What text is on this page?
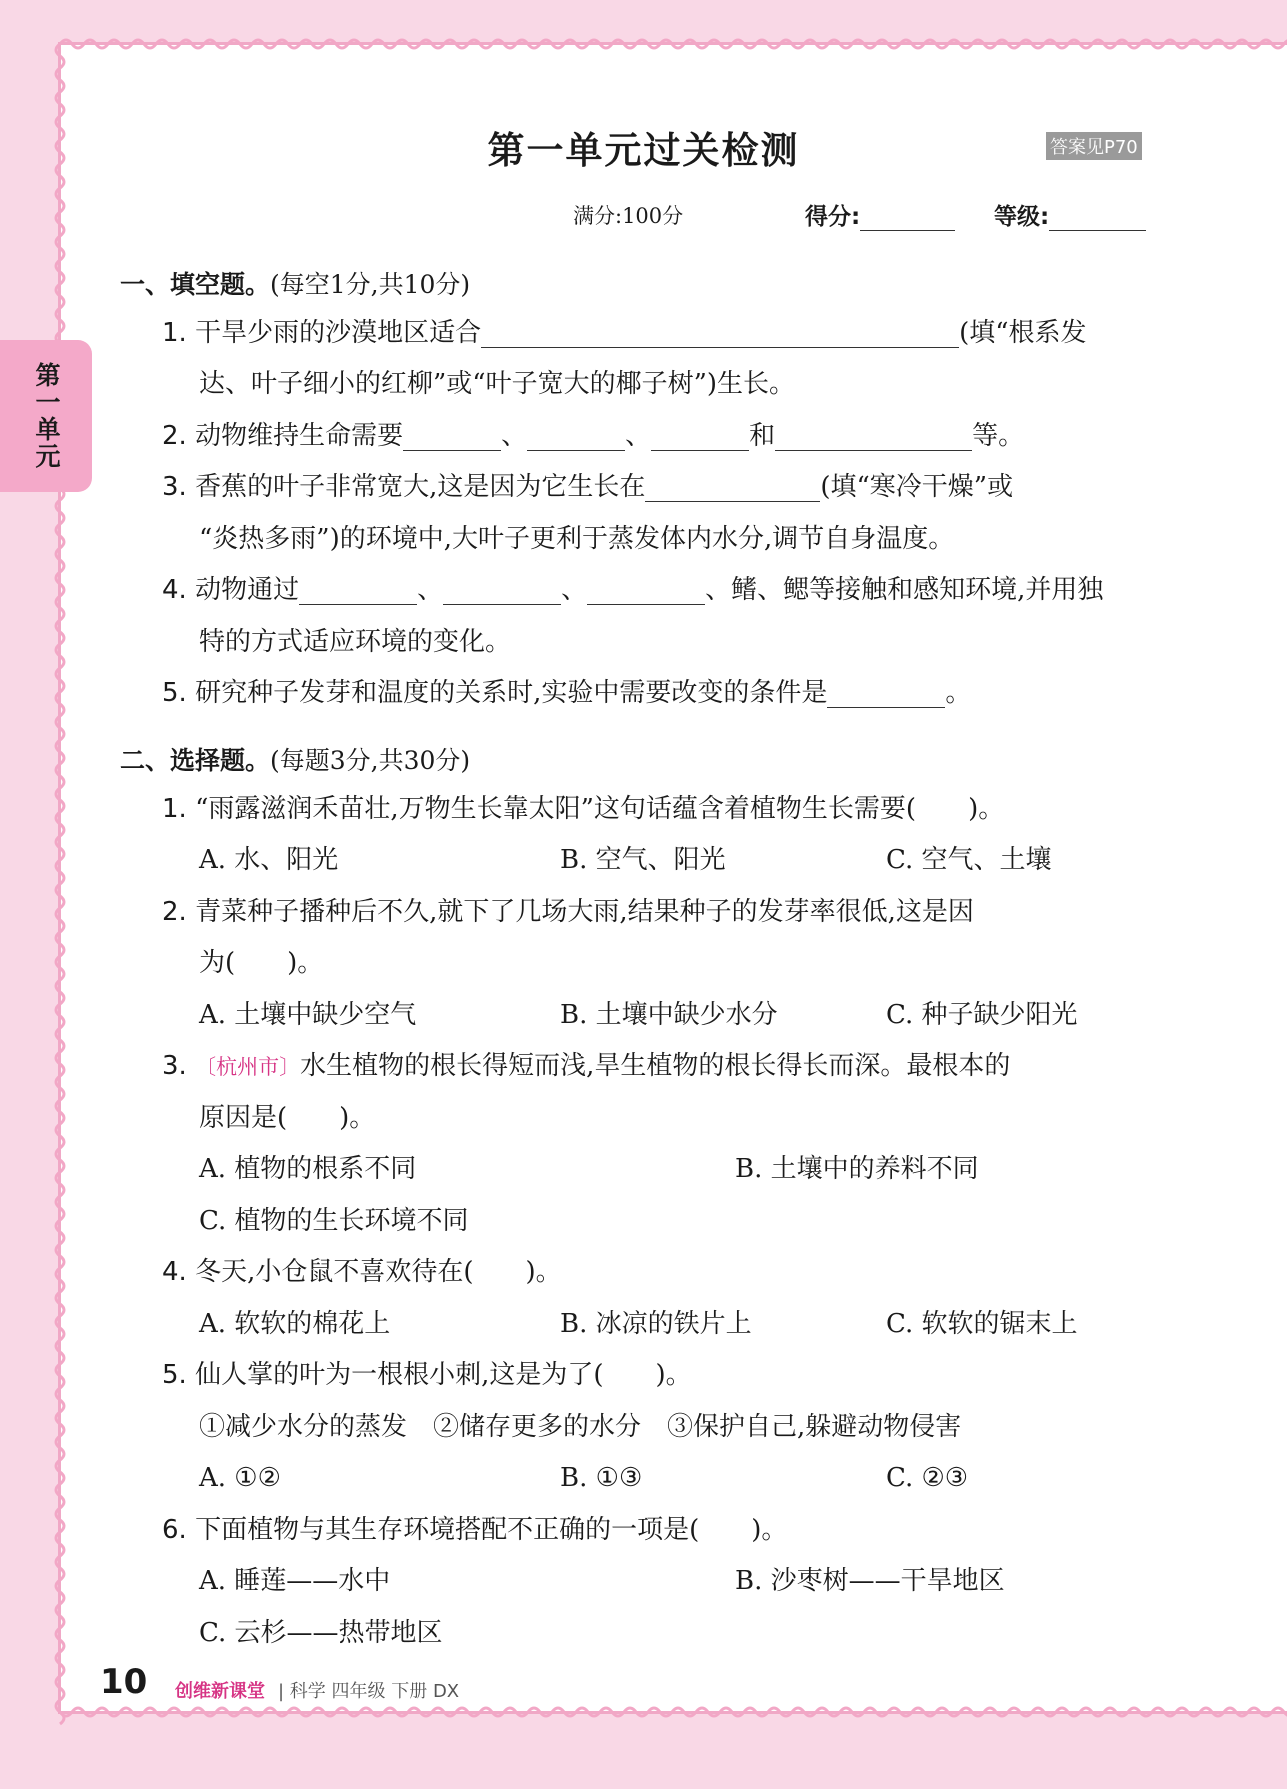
第一单元
第一单元过关检测	答案见P70
满分:100分	得分:	等级:
一、填空题。(每空1分,共10分)
1. 干旱少雨的沙漠地区适合	(填“根系发
达、叶子细小的红柳”或“叶子宽大的椰子树”)生长。
2. 动物维持生命需要	、	、	和	等。
3. 香蕉的叶子非常宽大,这是因为它生长在	(填“寒冷干燥”或
“炎热多雨”)的环境中,大叶子更利于蒸发体内水分,调节自身温度。
4. 动物通过	、	、	、鳍、鳃等接触和感知环境,并用独
特的方式适应环境的变化。
5. 研究种子发芽和温度的关系时,实验中需要改变的条件是	。
二、选择题。(每题3分,共30分)
1. “雨露滋润禾苗壮,万物生长靠太阳”这句话蕴含着植物生长需要(　　)。
A. 水、阳光	B. 空气、阳光	C. 空气、土壤
2. 青菜种子播种后不久,就下了几场大雨,结果种子的发芽率很低,这是因
为(　　)。
A. 土壤中缺少空气	B. 土壤中缺少水分	C. 种子缺少阳光
3. 〔杭州市〕水生植物的根长得短而浅,旱生植物的根长得长而深。最根本的
原因是(　　)。
A. 植物的根系不同	B. 土壤中的养料不同
C. 植物的生长环境不同
4. 冬天,小仓鼠不喜欢待在(　　)。
A. 软软的棉花上	B. 冰凉的铁片上	C. 软软的锯末上
5. 仙人掌的叶为一根根小刺,这是为了(　　)。
①减少水分的蒸发　②储存更多的水分　③保护自己,躲避动物侵害
A. ①②	B. ①③	C. ②③
6. 下面植物与其生存环境搭配不正确的一项是(　　)。
A. 睡莲——水中	B. 沙枣树——干旱地区
C. 云杉——热带地区
10 创维新课堂 | 科学 四年级 下册 DX
